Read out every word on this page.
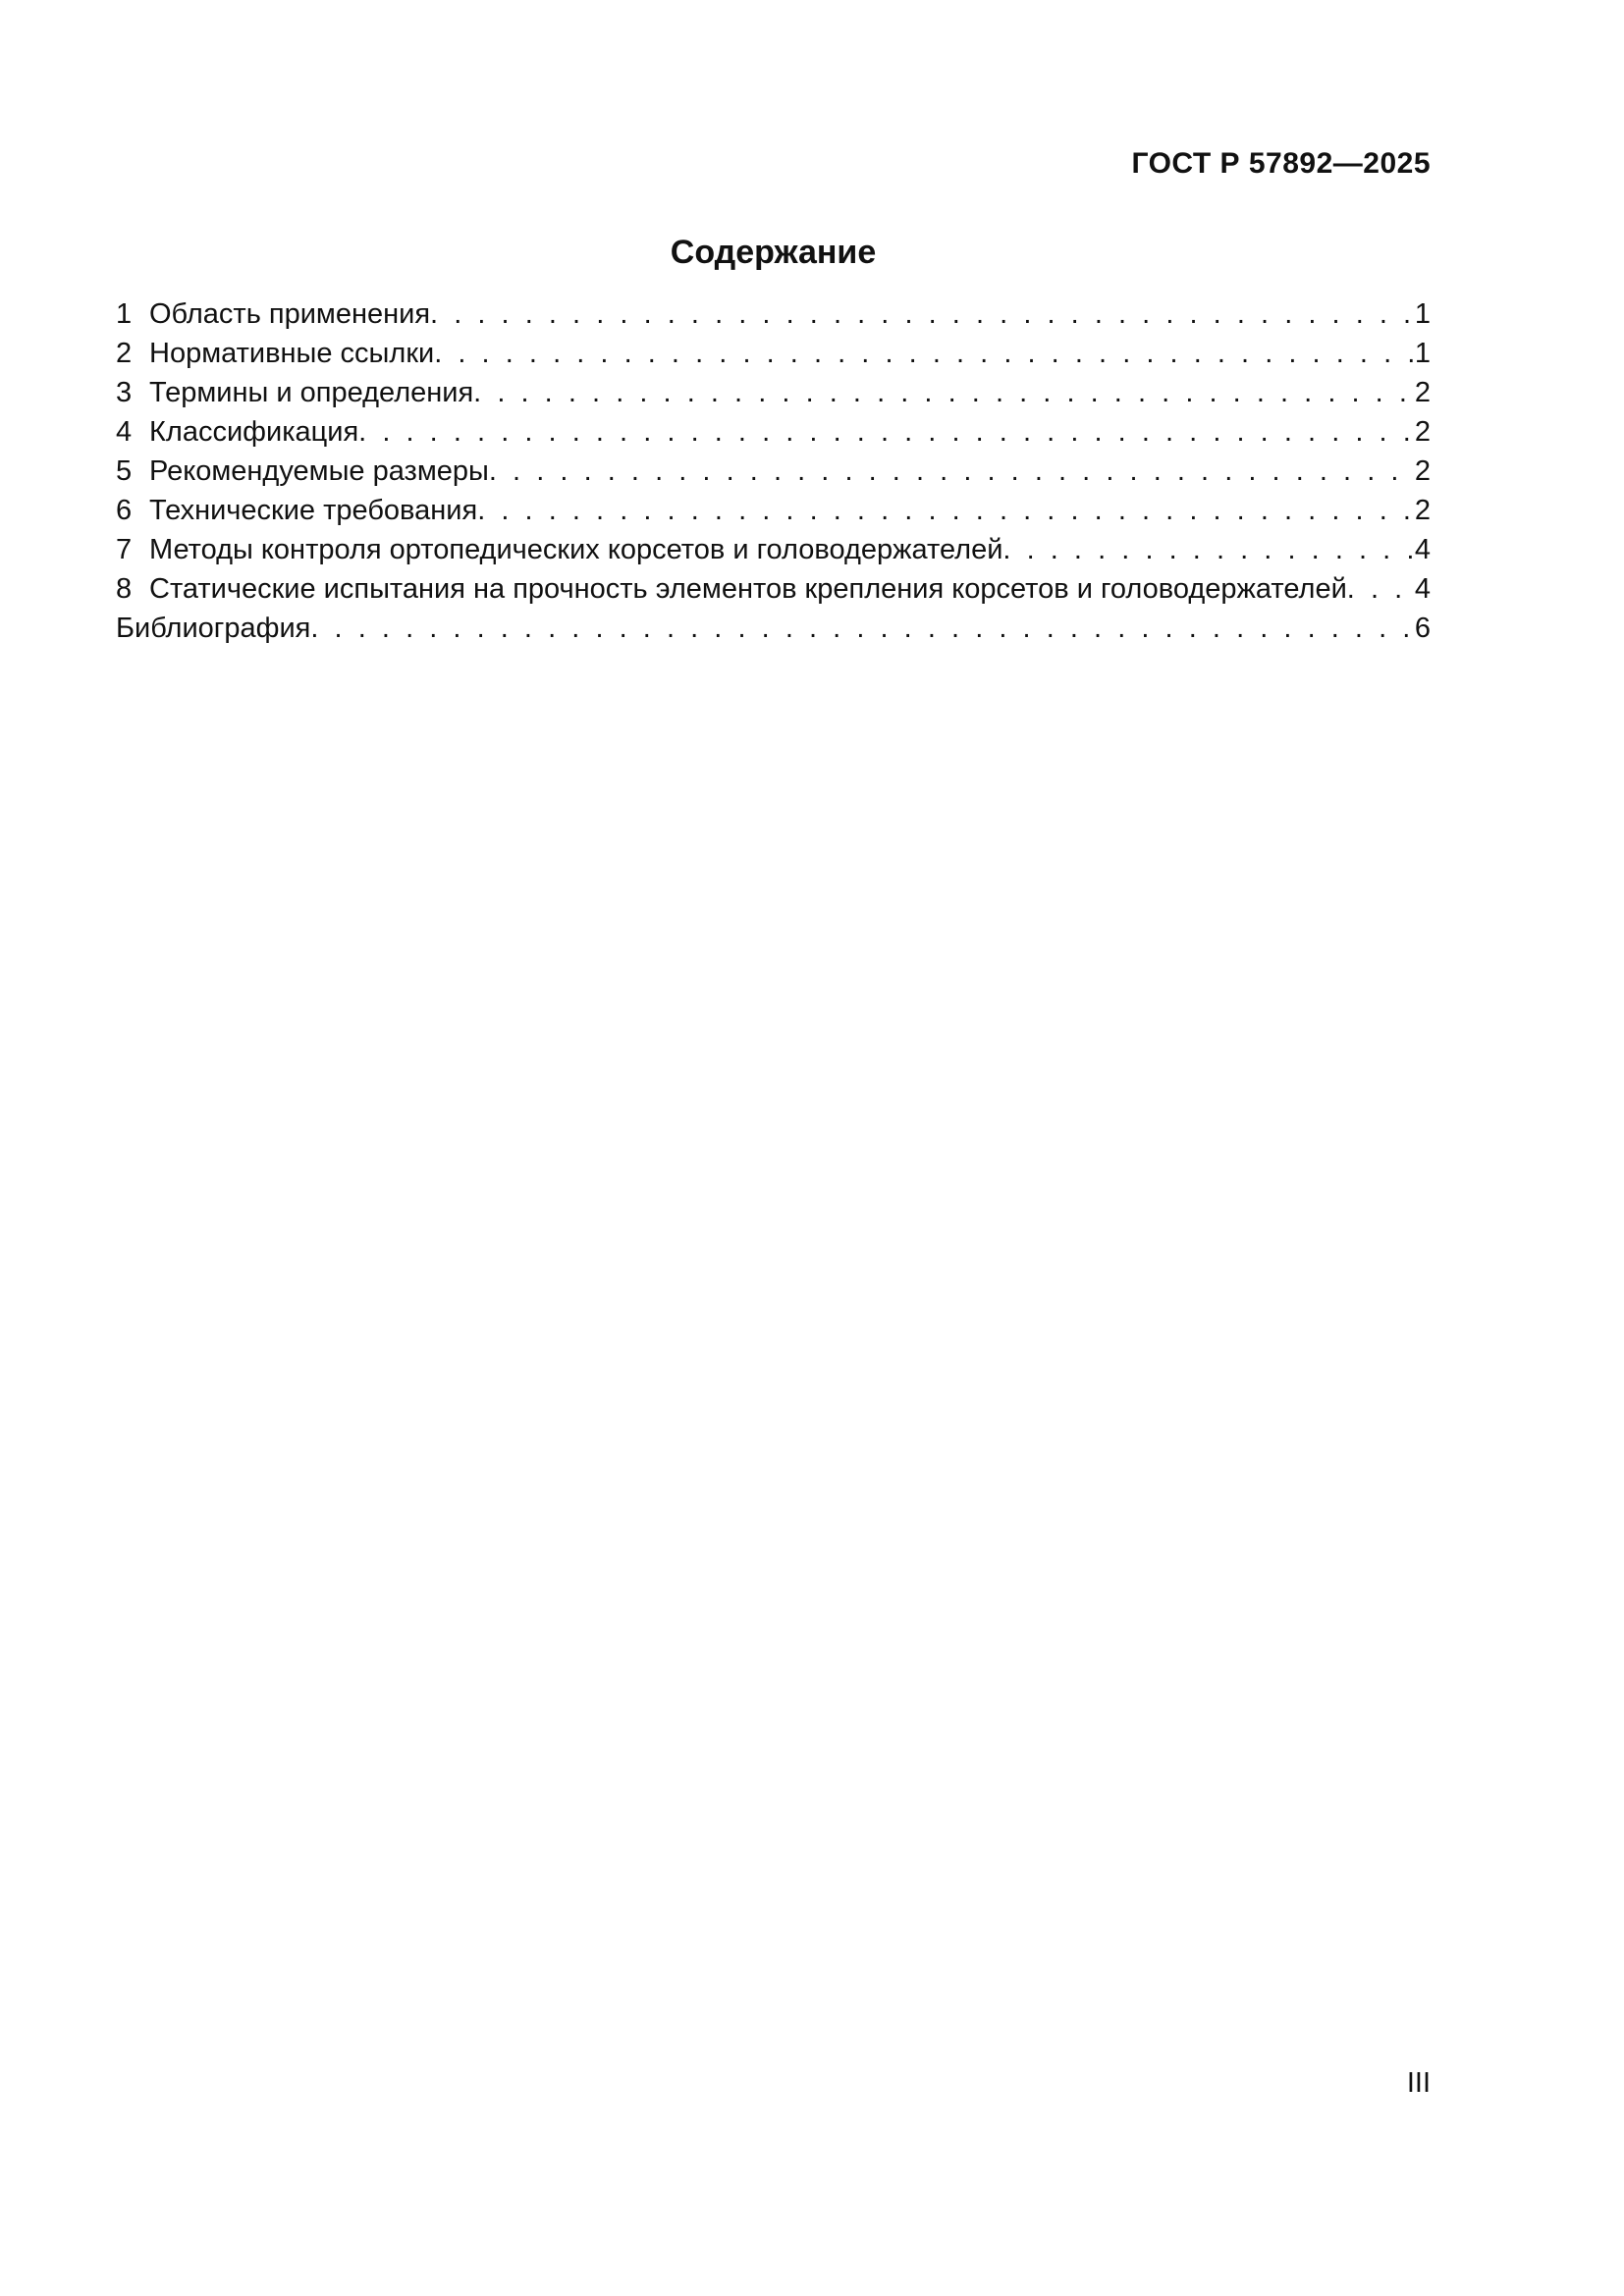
ГОСТ Р 57892—2025
Содержание
1 Область применения .  .	1
2 Нормативные ссылки .  .	1
3 Термины и определения .  .	2
4 Классификация .  .	2
5 Рекомендуемые размеры .  .	2
6 Технические требования .  .	2
7 Методы контроля ортопедических корсетов и головодержателей .  .	4
8 Статические испытания на прочность элементов крепления корсетов и головодержателей .  . 4
Библиография .  .	6
III
